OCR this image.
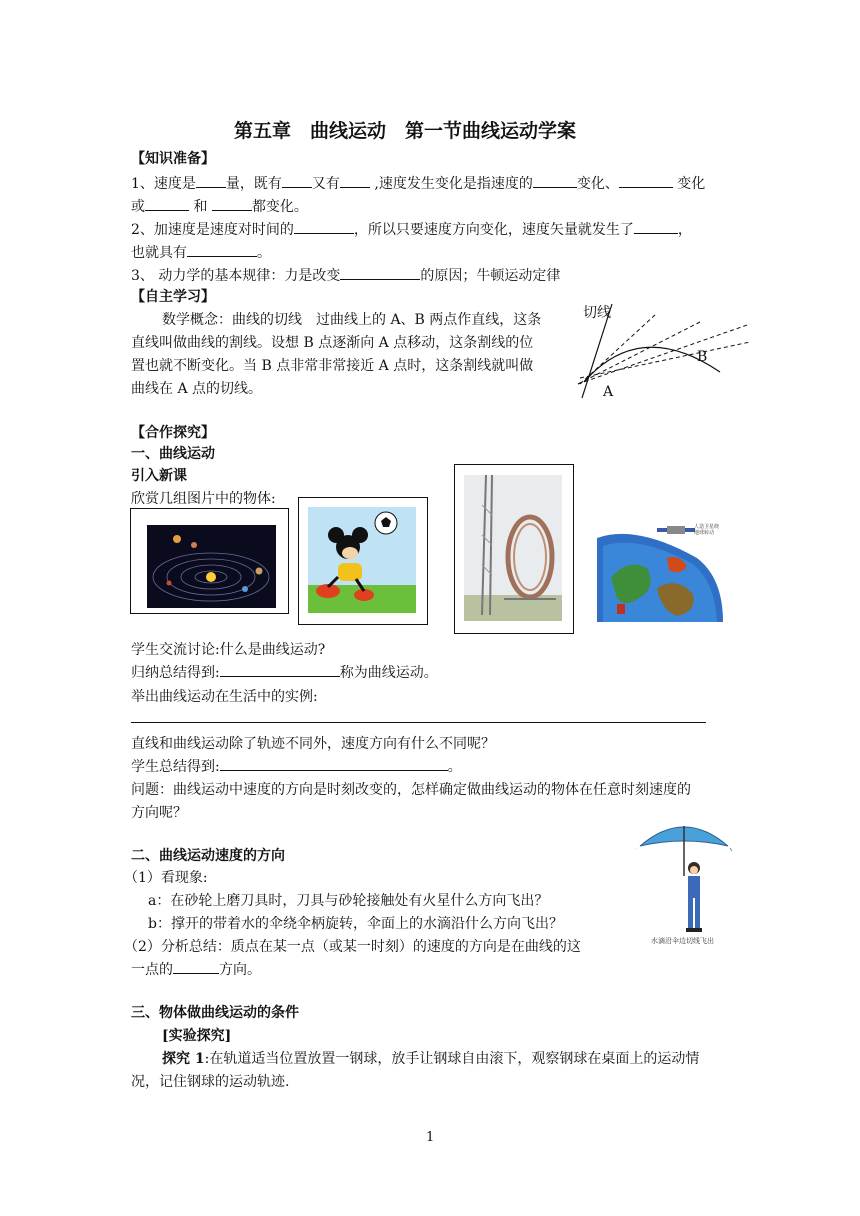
第五章　曲线运动　第一节曲线运动学案
【知识准备】
1、速度是 量，既有 又有 ,速度发生变化是指速度的	变化、	变化
或	和	都变化。
2、加速度是速度对时间的	，所以只要速度方向变化，速度矢量就发生了	，
也就具有	。
3、 动力学的基本规律：力是改变	的原因；牛顿运动定律
【自主学习】
数学概念：曲线的切线　过曲线上的 A、B 两点作直线，这条
直线叫做曲线的割线。设想 B 点逐渐向 A 点移动，这条割线的位
置也就不断变化。当 B 点非常非常接近 A 点时，这条割线就叫做
曲线在 A 点的切线。
切线
A
B
【合作探究】
一、曲线运动
引入新课
欣赏几组图片中的物体:
人造卫星绕地球转动
学生交流讨论:什么是曲线运动?
归纳总结得到:	称为曲线运动。
举出曲线运动在生活中的实例:
直线和曲线运动除了轨迹不同外，速度方向有什么不同呢？
学生总结得到:	。
问题：曲线运动中速度的方向是时刻改变的，怎样确定做曲线运动的物体在任意时刻速度的
方向呢？
二、曲线运动速度的方向
（1）看现象:
a：在砂轮上磨刀具时，刀具与砂轮接触处有火星什么方向飞出？
b：撑开的带着水的伞绕伞柄旋转，伞面上的水滴沿什么方向飞出？
（2）分析总结：质点在某一点（或某一时刻）的速度的方向是在曲线的这
一点的	方向。
水滴沿伞边切线飞出
三、物体做曲线运动的条件
[实验探究]
探究 1:在轨道适当位置放置一钢球，放手让钢球自由滚下，观察钢球在桌面上的运动情
况，记住钢球的运动轨迹.
1
